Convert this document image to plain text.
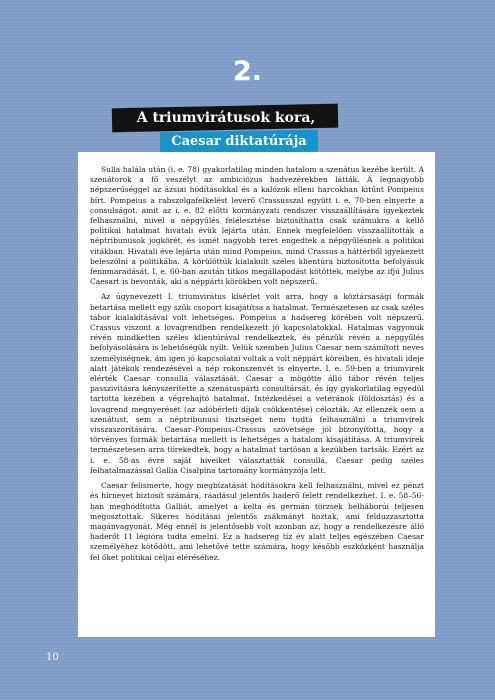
2.
A triumvirátusok kora,
Caesar diktatúrája

Sulla halála után (i. e. 78) gyakorlatilag minden hatalom a szenátus kezébe került. A szenátorok a fő veszélyt az ambiciózus hadvezérekben látták. A legnagyobb népszerűséggel az ázsiai hódításokkal és a kalózok elleni harcokban kitűnt Pompeius bírt. Pompeius a rabszolgafelkelést leverő Crassusszal együtt i. e. 70-ben elnyerte a consulságot, amit az i. e. 82 előtti kormányzati rendszer visszaállítására igyekeztek felhasználni, mivel a népgyűlés felélesztése biztosíthatta csak számukra a kellő politikai hatalmat hivatali évük lejárta után. Ennek megfelelően visszaállították a néptribunusok jogkörét, és ismét nagyobb teret engedtek a népgyűlésnek a politikai vitákban. Hivatali éve lejárta után mind Pompeius, mind Crassus a háttérből igyekezett beleszólni a politikába. A körülöttük kialakult széles klientúra biztosította befolyásuk fennmaradását. I. e. 60-ban azután titkos megállapodást kötöttek, melybe az ifjú Julius Caesart is bevonták, aki a néppárti körökben volt népszerű.

Az úgynevezett I. triumvirátus kísérlet volt arra, hogy a köztársasági formák betartása mellett egy szűk csoport kisajátítsa a hatalmat. Természetesen az csak széles tábor kialakításával volt lehetséges. Pompeius a hadsereg körében volt népszerű. Crassus viszont a lovagrendben rendelkezett jó kapcsolatokkal. Hatalmas vagyonuk révén mindketten széles klientúrával rendelkeztek, és pénzük révén a népgyűlés befolyásolására is lehetőségük nyílt. Velük szemben Julius Caesar nem számított neves személyiségnek, ám igen jó kapcsolatai voltak a volt néppárt köreiben, és hivatali ideje alatt játékok rendezésével a nép rokonszenvét is elnyerte. I. e. 59-ben a triumvirek elérték Caesar consullá választását. Caesar a mögötte álló tábor révén teljes passzivitásra kényszerítette a szenátuspárti consultársát, és így gyakorlatilag egyedül tartotta kezében a végrehajtó hatalmat. Intézkedései a veteránok (földosztás) és a lovagrend megnyerését (az adóbérleti díjak csökkentése) célozták. Az ellenzék sem a szenátust, sem a néptribunusi tisztséget nem tudta felhasználni a triumvirek visszaszorítására. Caesar–Pompeius–Crassus szövetsége jól bizonyította, hogy a törvényes formák betartása mellett is lehetséges a hatalom kisajátítása. A triumvirek természetesen arra törekedtek, hogy a hatalmat tartósan a kezükben tartsák. Ezért az i. e. 58-as évre saját híveiket választatták consullá, Caesar pedig széles felhatalmazással Gallia Cisalpina tartomány kormányzója lett.

Caesar felismerte, hogy megbízatását hódításokra kell felhasználni, mivel ez pénzt és hírnevet biztosít számára, ráadásul jelentős haderő felett rendelkezhet. I. e. 58–56-ban meghódította Galliát, amelyet a kelta és germán törzsek belháborúi teljesen megosztottak. Sikeres hódításai jelentős zsákmányt hoztak, ami felduzzasztotta magánvagyonát. Még ennél is jelentősebb volt azonban az, hogy a rendelkezésre álló haderőt 11 légióra tudta emelni. Ez a hadsereg tíz év alatt teljes egészében Caesar személyéhez kötődött, ami lehetővé tette számára, hogy később eszközként használja fel őket politikai céljai eléréséhez.

10
